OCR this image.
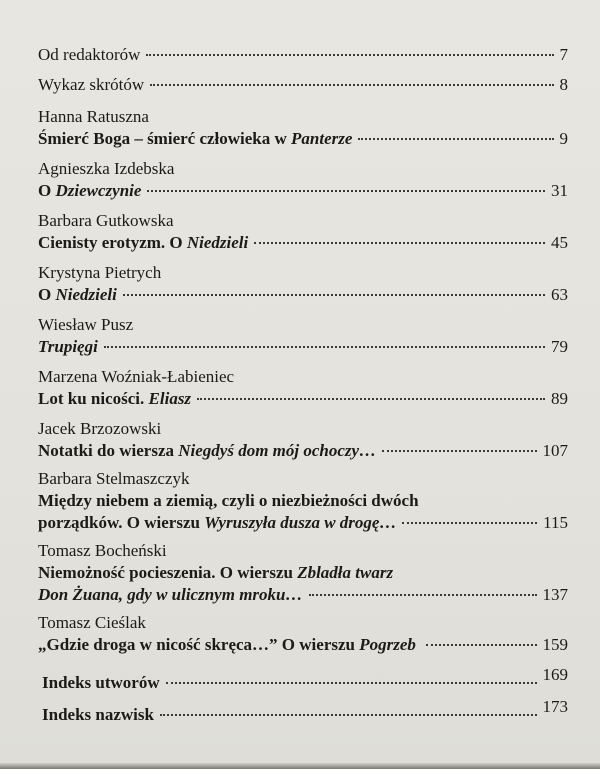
Od redaktorów	7
Wykaz skrótów	8
Hanna Ratuszna
Śmierć Boga – śmierć człowieka w Panterze	9
Agnieszka Izdebska
O Dziewczynie	31
Barbara Gutkowska
Cienisty erotyzm. O Niedzieli	45
Krystyna Pietrych
O Niedzieli	63
Wiesław Pusz
Trupięgi	79
Marzena Woźniak-Łabieniec
Lot ku nicości. Eliasz	89
Jacek Brzozowski
Notatki do wiersza Niegdyś dom mój ochoczy…	107
Barbara Stelmaszczyk
Między niebem a ziemią, czyli o niezbieżności dwóch
porządków. O wierszu Wyruszyła dusza w drogę…	115
Tomasz Bocheński
Niemożność pocieszenia. O wierszu Zbladła twarz
Don Żuana, gdy w ulicznym mroku…	137
Tomasz Cieślak
„Gdzie droga w nicość skręca…” O wierszu Pogrzeb	159
Indeks utworów	169
Indeks nazwisk	173
